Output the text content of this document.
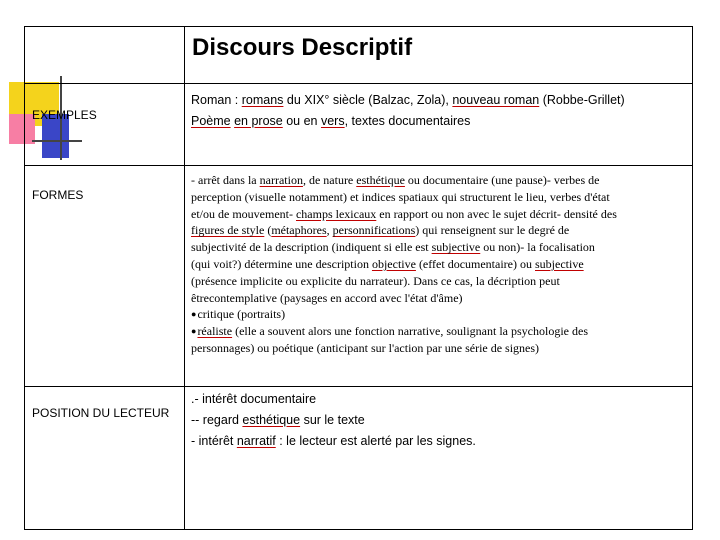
Discours Descriptif
EXEMPLES
FORMES
POSITION DU LECTEUR
Roman : romans du XIX° siècle (Balzac, Zola), nouveau roman (Robbe-Grillet)
Poème en prose ou en vers, textes documentaires
- arrêt dans la narration, de nature esthétique ou documentaire (une pause)- verbes de
perception (visuelle notamment) et indices spatiaux qui structurent le lieu, verbes d'état
et/ou de mouvement- champs lexicaux en rapport ou non avec le sujet décrit- densité des
figures de style (métaphores, personnifications) qui renseignent sur le degré de
subjectivité de la description (indiquent si elle est subjective ou non)- la focalisation
(qui voit?) détermine une description objective (effet documentaire) ou subjective
(présence implicite ou explicite du narrateur). Dans ce cas, la décription peut
êtrecontemplative (paysages en accord avec l'état d'âme)
●critique (portraits)
●réaliste (elle a souvent alors une fonction narrative, soulignant la psychologie des
personnages) ou poétique (anticipant sur l'action par une série de signes)
.- intérêt documentaire
-- regard esthétique sur le texte
- intérêt narratif : le lecteur est alerté par les signes.
